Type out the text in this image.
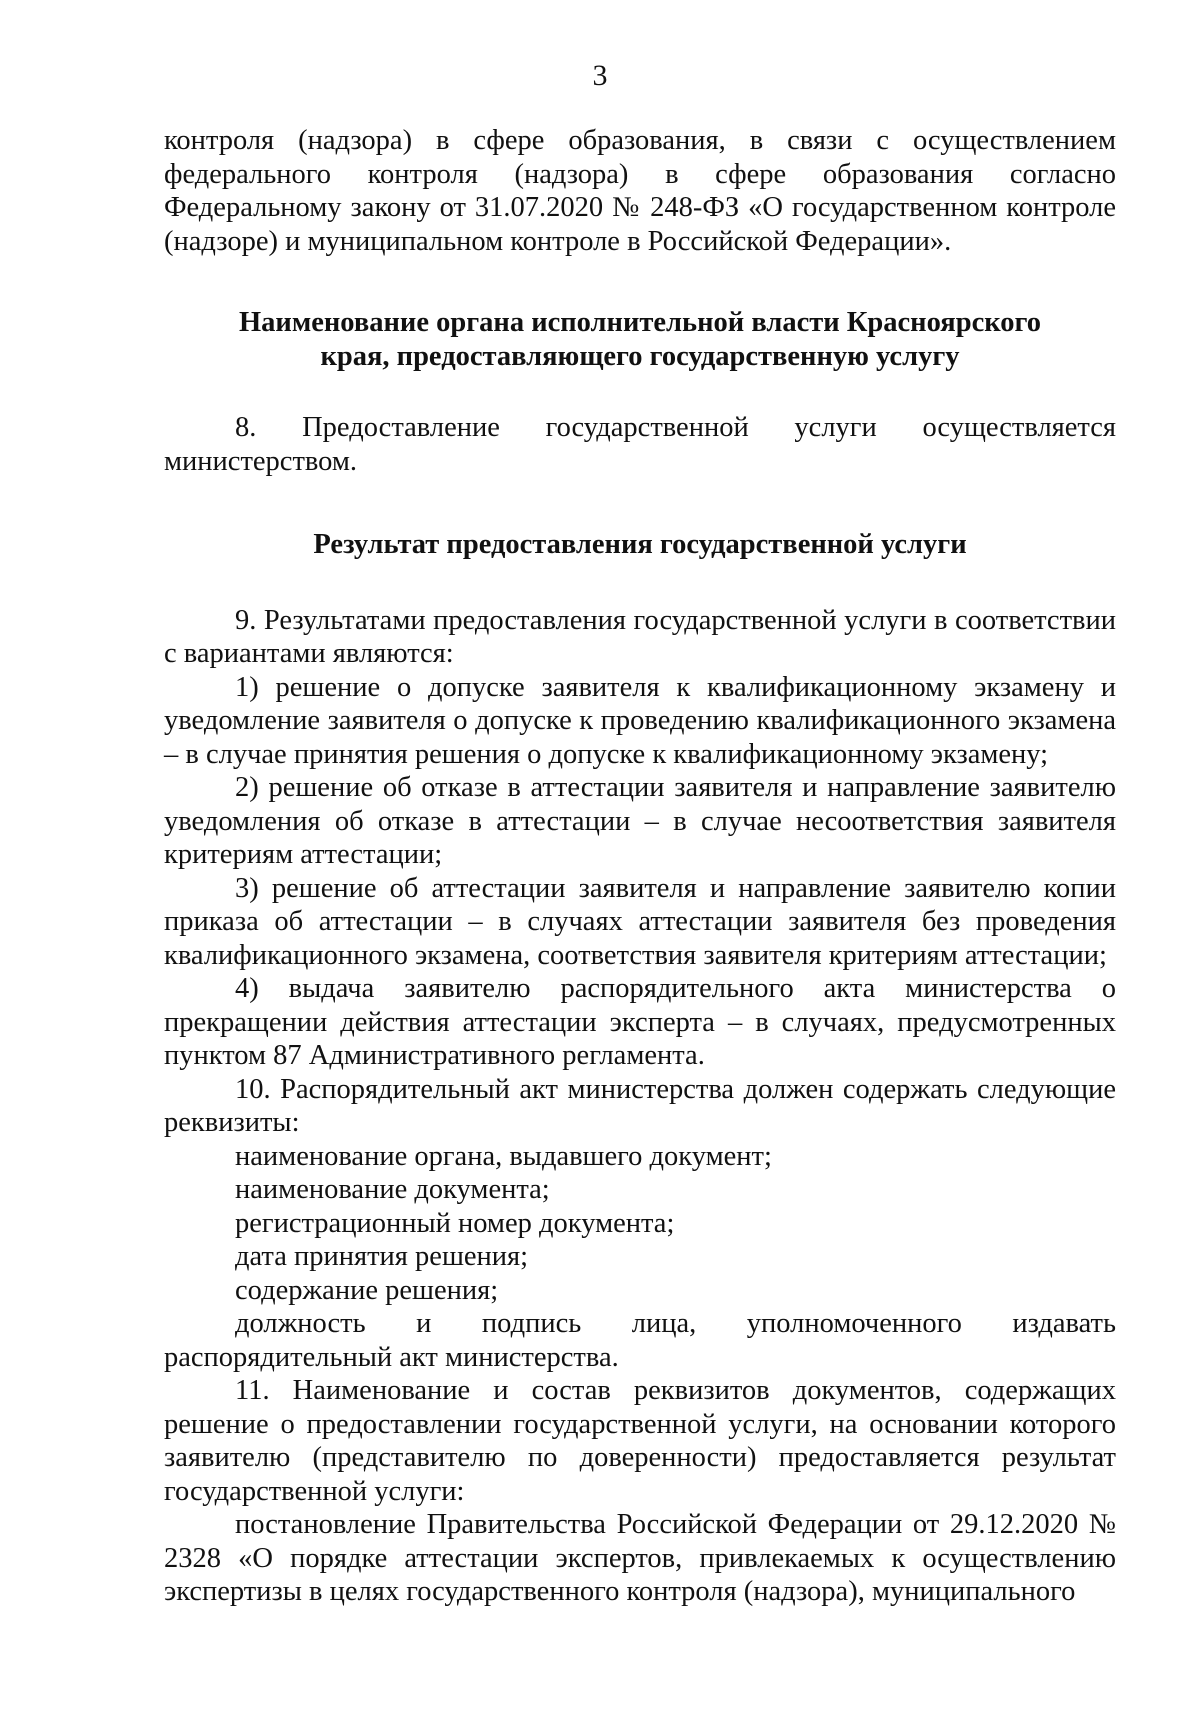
3

контроля (надзора) в сфере образования, в связи с осуществлением федерального контроля (надзора) в сфере образования согласно Федеральному закону от 31.07.2020 № 248-ФЗ «О государственном контроле (надзоре) и муниципальном контроле в Российской Федерации».

Наименование органа исполнительной власти Красноярского
края, предоставляющего государственную услугу

8. Предоставление государственной услуги осуществляется министерством.

Результат предоставления государственной услуги

9. Результатами предоставления государственной услуги в соответствии с вариантами являются:

1) решение о допуске заявителя к квалификационному экзамену и уведомление заявителя о допуске к проведению квалификационного экзамена – в случае принятия решения о допуске к квалификационному экзамену;

2) решение об отказе в аттестации заявителя и направление заявителю уведомления об отказе в аттестации – в случае несоответствия заявителя критериям аттестации;

3) решение об аттестации заявителя и направление заявителю копии приказа об аттестации – в случаях аттестации заявителя без проведения квалификационного экзамена, соответствия заявителя критериям аттестации;

4) выдача заявителю распорядительного акта министерства о прекращении действия аттестации эксперта – в случаях, предусмотренных пунктом 87 Административного регламента.

10. Распорядительный акт министерства должен содержать следующие реквизиты:

наименование органа, выдавшего документ;

наименование документа;

регистрационный номер документа;

дата принятия решения;

содержание решения;

должность и подпись лица, уполномоченного издавать распорядительный акт министерства.

11. Наименование и состав реквизитов документов, содержащих решение о предоставлении государственной услуги, на основании которого заявителю (представителю по доверенности) предоставляется результат государственной услуги:

постановление Правительства Российской Федерации от 29.12.2020 № 2328 «О порядке аттестации экспертов, привлекаемых к осуществлению экспертизы в целях государственного контроля (надзора), муниципального
